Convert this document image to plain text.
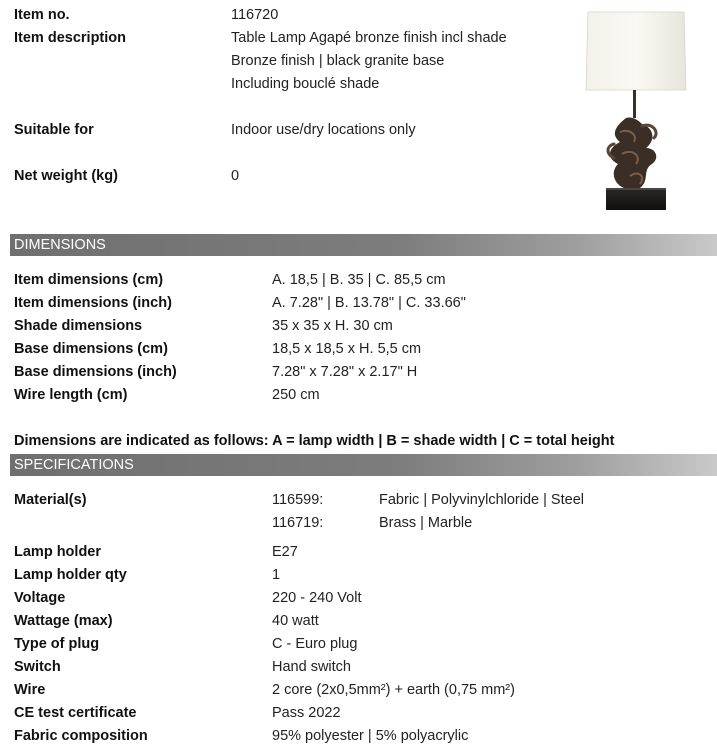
Item no.	116720
Item description	Table Lamp Agapé bronze finish incl shade
Bronze finish | black granite base
Including bouclé shade
Suitable for	Indoor use/dry locations only
Net weight (kg)	0
DIMENSIONS
Item dimensions (cm)	A. 18,5 | B. 35 | C. 85,5 cm
Item dimensions (inch)	A. 7.28" | B. 13.78" | C. 33.66"
Shade dimensions	35 x 35 x H. 30 cm
Base dimensions (cm)	18,5 x 18,5 x H. 5,5 cm
Base dimensions (inch)	7.28" x 7.28" x 2.17" H
Wire length (cm)	250 cm
Dimensions are indicated as follows: A = lamp width | B = shade width | C = total height
SPECIFICATIONS
Material(s)	116599:	Fabric | Polyvinylchloride | Steel
116719:	Brass | Marble
Lamp holder	E27
Lamp holder qty	1
Voltage	220 - 240 Volt
Wattage (max)	40 watt
Type of plug	C - Euro plug
Switch	Hand switch
Wire	2 core (2x0,5mm²) + earth (0,75 mm²)
CE test certificate	Pass 2022
Fabric composition	95% polyester | 5% polyacrylic
